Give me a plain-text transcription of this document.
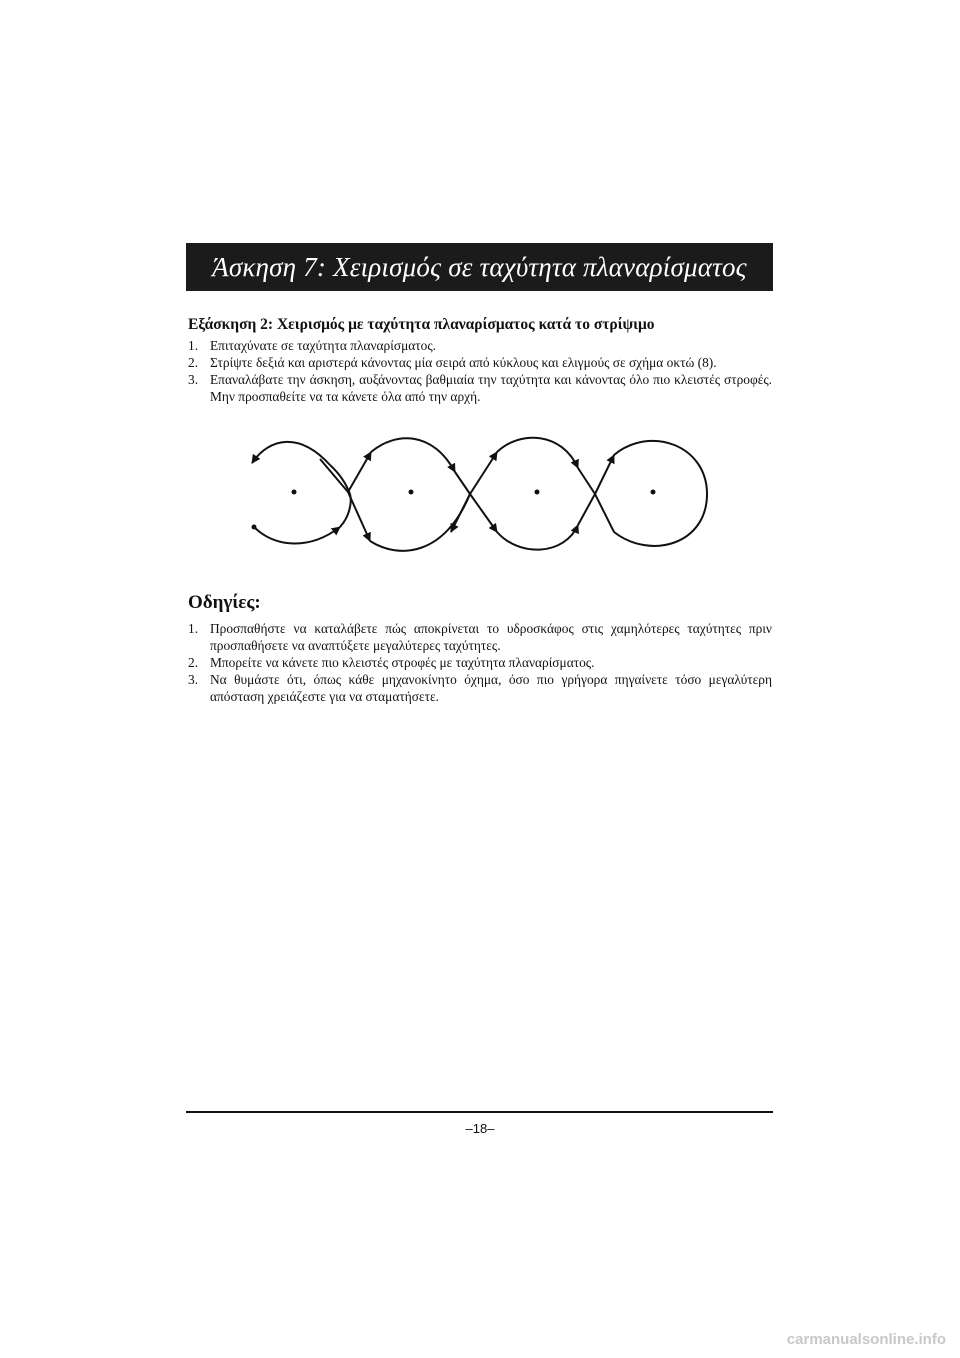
Άσκηση 7: Χειρισμός σε ταχύτητα πλαναρίσματος
Εξάσκηση 2: Χειρισμός με ταχύτητα πλαναρίσματος κατά το στρίψιμο
1. Επιταχύνατε σε ταχύτητα πλαναρίσματος.
2. Στρίψτε δεξιά και αριστερά κάνοντας μία σειρά από κύκλους και ελιγμούς σε σχήμα οκτώ (8).
3. Επαναλάβατε την άσκηση, αυξάνοντας βαθμιαία την ταχύτητα και κάνοντας όλο πιο κλειστές στροφές. Μην προσπαθείτε να τα κάνετε όλα από την αρχή.
Οδηγίες:
1. Προσπαθήστε να καταλάβετε πώς αποκρίνεται το υδροσκάφος στις χαμηλότερες ταχύτητες πριν προσπαθήσετε να αναπτύξετε μεγαλύτερες ταχύτητες.
2. Μπορείτε να κάνετε πιο κλειστές στροφές με ταχύτητα πλαναρίσματος.
3. Να θυμάστε ότι, όπως κάθε μηχανοκίνητο όχημα, όσο πιο γρήγορα πηγαίνετε τόσο μεγαλύτερη απόσταση χρειάζεστε για να σταματήσετε.
–18–
carmanualsonline.info
